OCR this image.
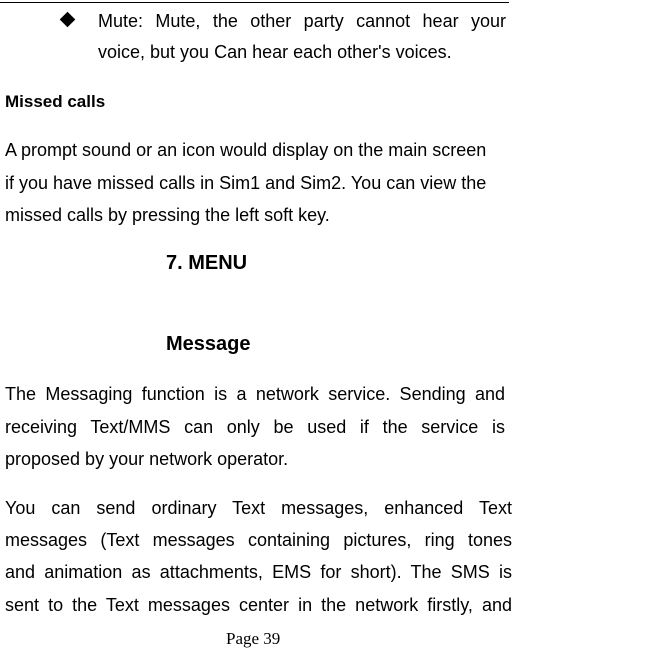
Mute: Mute, the other party cannot hear your
voice, but you Can hear each other's voices.
Missed calls
A prompt sound or an icon would display on the main screen
if you have missed calls in Sim1 and Sim2. You can view the
missed calls by pressing the left soft key.
7. MENU
Message
The Messaging function is a network service. Sending and
receiving Text/MMS can only be used if the service is
proposed by your network operator.
You can send ordinary Text messages, enhanced Text
messages (Text messages containing pictures, ring tones
and animation as attachments, EMS for short). The SMS is
sent to the Text messages center in the network firstly, and
Page 39
